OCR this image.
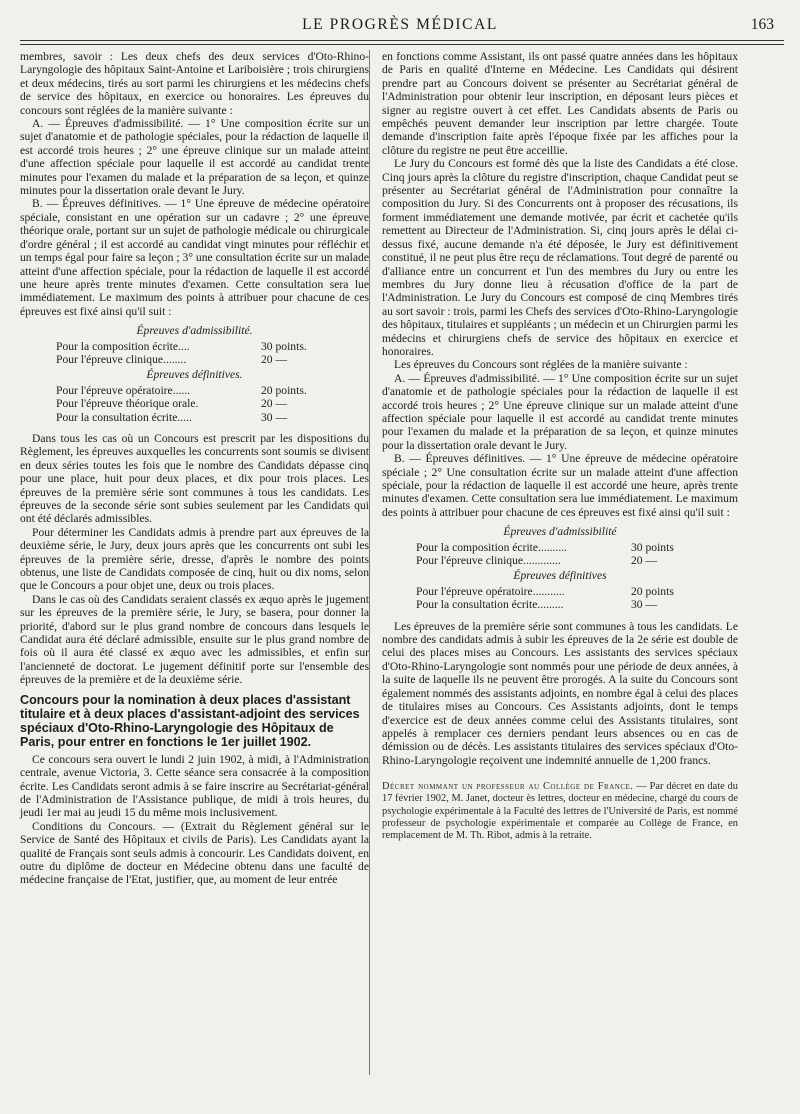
LE PROGRÈS MÉDICAL	163

membres, savoir : Les deux chefs des deux services d'Oto-Rhino-Laryngologie des hôpitaux Saint-Antoine et Lariboisière ; trois chirurgiens et deux médecins, tirés au sort parmi les chirurgiens et les médecins chefs de service des hôpitaux, en exercice ou honoraires. Les épreuves du concours sont réglées de la manière suivante :

A. — Épreuves d'admissibilité. — 1° Une composition écrite sur un sujet d'anatomie et de pathologie spéciales, pour la rédaction de laquelle il est accordé trois heures ; 2° une épreuve clinique sur un malade atteint d'une affection spéciale pour laquelle il est accordé au candidat trente minutes pour l'examen du malade et la préparation de sa leçon, et quinze minutes pour la dissertation orale devant le Jury.

B. — Épreuves définitives. — 1° Une épreuve de médecine opératoire spéciale, consistant en une opération sur un cadavre ; 2° une épreuve théorique orale, portant sur un sujet de pathologie médicale ou chirurgicale d'ordre général ; il est accordé au candidat vingt minutes pour réfléchir et un temps égal pour faire sa leçon ; 3° une consultation écrite sur un malade atteint d'une affection spéciale, pour la rédaction de laquelle il est accordé une heure après trente minutes d'examen. Cette consultation sera lue immédiatement. Le maximum des points à attribuer pour chacune de ces épreuves est fixé ainsi qu'il suit :

Épreuves d'admissibilité.
Pour la composition écrite....	30 points.
Pour l'épreuve clinique........	20 —
Épreuves définitives.
Pour l'épreuve opératoire......	20 points.
Pour l'épreuve théorique orale.	20 —
Pour la consultation écrite.....	30 —

Dans tous les cas où un Concours est prescrit par les dispositions du Règlement, les épreuves auxquelles les concurrents sont soumis se divisent en deux séries toutes les fois que le nombre des Candidats dépasse cinq pour une place, huit pour deux places, et dix pour trois places. Les épreuves de la première série sont communes à tous les candidats. Les épreuves de la seconde série sont subies seulement par les Candidats qui ont été déclarés admissibles.

Pour déterminer les Candidats admis à prendre part aux épreuves de la deuxième série, le Jury, deux jours après que les concurrents ont subi les épreuves de la première série, dresse, d'après le nombre des points obtenus, une liste de Candidats composée de cinq, huit ou dix noms, selon que le Concours a pour objet une, deux ou trois places.

Dans le cas où des Candidats seraient classés ex æquo après le jugement sur les épreuves de la première série, le Jury, se basera, pour donner la priorité, d'abord sur le plus grand nombre de concours dans lesquels le Candidat aura été déclaré admissible, ensuite sur le plus grand nombre de fois où il aura été classé ex æquo avec les admissibles, et enfin sur l'ancienneté de doctorat. Le jugement définitif porte sur l'ensemble des épreuves de la première et de la deuxième série.

Concours pour la nomination à deux places d'assistant titulaire et à deux places d'assistant-adjoint des services spéciaux d'Oto-Rhino-Laryngologie des Hôpitaux de Paris, pour entrer en fonctions le 1er juillet 1902.

Ce concours sera ouvert le lundi 2 juin 1902, à midi, à l'Administration centrale, avenue Victoria, 3. Cette séance sera consacrée à la composition écrite. Les Candidats seront admis à se faire inscrire au Secrétariat-général de l'Administration de l'Assistance publique, de midi à trois heures, du jeudi 1er mai au jeudi 15 du même mois inclusivement.

Conditions du Concours. — (Extrait du Règlement général sur le Service de Santé des Hôpitaux et civils de Paris). Les Candidats ayant la qualité de Français sont seuls admis à concourir. Les Candidats doivent, en outre du diplôme de docteur en Médecine obtenu dans une faculté de médecine française de l'Etat, justifier, que, au moment de leur entrée

en fonctions comme Assistant, ils ont passé quatre années dans les hôpitaux de Paris en qualité d'Interne en Médecine. Les Candidats qui désirent prendre part au Concours doivent se présenter au Secrétariat général de l'Administration pour obtenir leur inscription, en déposant leurs pièces et signer au registre ouvert à cet effet. Les Candidats absents de Paris ou empêchés peuvent demander leur inscription par lettre chargée. Toute demande d'inscription faite après l'époque fixée par les affiches pour la clôture du registre ne peut être acceillie.

Le Jury du Concours est formé dès que la liste des Candidats a été close. Cinq jours après la clôture du registre d'inscription, chaque Candidat peut se présenter au Secrétariat général de l'Administration pour connaître la composition du Jury. Si des Concurrents ont à proposer des récusations, ils forment immédiatement une demande motivée, par écrit et cachetée qu'ils remettent au Directeur de l'Administration. Si, cinq jours après le délai ci-dessus fixé, aucune demande n'a été déposée, le Jury est définitivement constitué, il ne peut plus être reçu de réclamations. Tout degré de parenté ou d'alliance entre un concurrent et l'un des membres du Jury ou entre les membres du Jury donne lieu à récusation d'office de la part de l'Administration. Le Jury du Concours est composé de cinq Membres tirés au sort savoir : trois, parmi les Chefs des services d'Oto-Rhino-Laryngologie des hôpitaux, titulaires et suppléants ; un médecin et un Chirurgien parmi les médecins et chirurgiens chefs de service des hôpitaux en exercice et honoraires.

Les épreuves du Concours sont réglées de la manière suivante :

A. — Épreuves d'admissibilité. — 1° Une composition écrite sur un sujet d'anatomie et de pathologie spéciales pour la rédaction de laquelle il est accordé trois heures ; 2° Une épreuve clinique sur un malade atteint d'une affection spéciale pour laquelle il est accordé au candidat trente minutes pour l'examen du malade et la préparation de sa leçon, et quinze minutes pour la dissertation orale devant le Jury.

B. — Épreuves définitives. — 1° Une épreuve de médecine opératoire spéciale ; 2° Une consultation écrite sur un malade atteint d'une affection spéciale, pour la rédaction de laquelle il est accordé une heure, après trente minutes d'examen. Cette consultation sera lue immédiatement. Le maximum des points à attribuer pour chacune de ces épreuves est fixé ainsi qu'il suit :

Épreuves d'admissibilité
Pour la composition écrite..........	30 points
Pour l'épreuve clinique.............	20 —
Épreuves définitives
Pour l'épreuve opératoire...........	20 points
Pour la consultation écrite.........	30 —

Les épreuves de la première série sont communes à tous les candidats. Le nombre des candidats admis à subir les épreuves de la 2e série est double de celui des places mises au Concours. Les assistants des services spéciaux d'Oto-Rhino-Laryngologie sont nommés pour une période de deux années, à la suite de laquelle ils ne peuvent être prorogés. A la suite du Concours sont également nommés des assistants adjoints, en nombre égal à celui des places de titulaires mises au Concours. Ces Assistants adjoints, dont le temps d'exercice est de deux années comme celui des Assistants titulaires, sont appelés à remplacer ces derniers pendant leurs absences ou en cas de démission ou de décès. Les assistants titulaires des services spéciaux d'Oto-Rhino-Laryngologie reçoivent une indemnité annuelle de 1,200 francs.

Décret nommant un professeur au Collège de France. — Par décret en date du 17 février 1902, M. Janet, docteur ès lettres, docteur en médecine, chargé du cours de psychologie expérimentale à la Faculté des lettres de l'Université de Paris, est nommé professeur de psychologie expérimentale et comparée au Collège de France, en remplacement de M. Th. Ribot, admis à la retraite.
